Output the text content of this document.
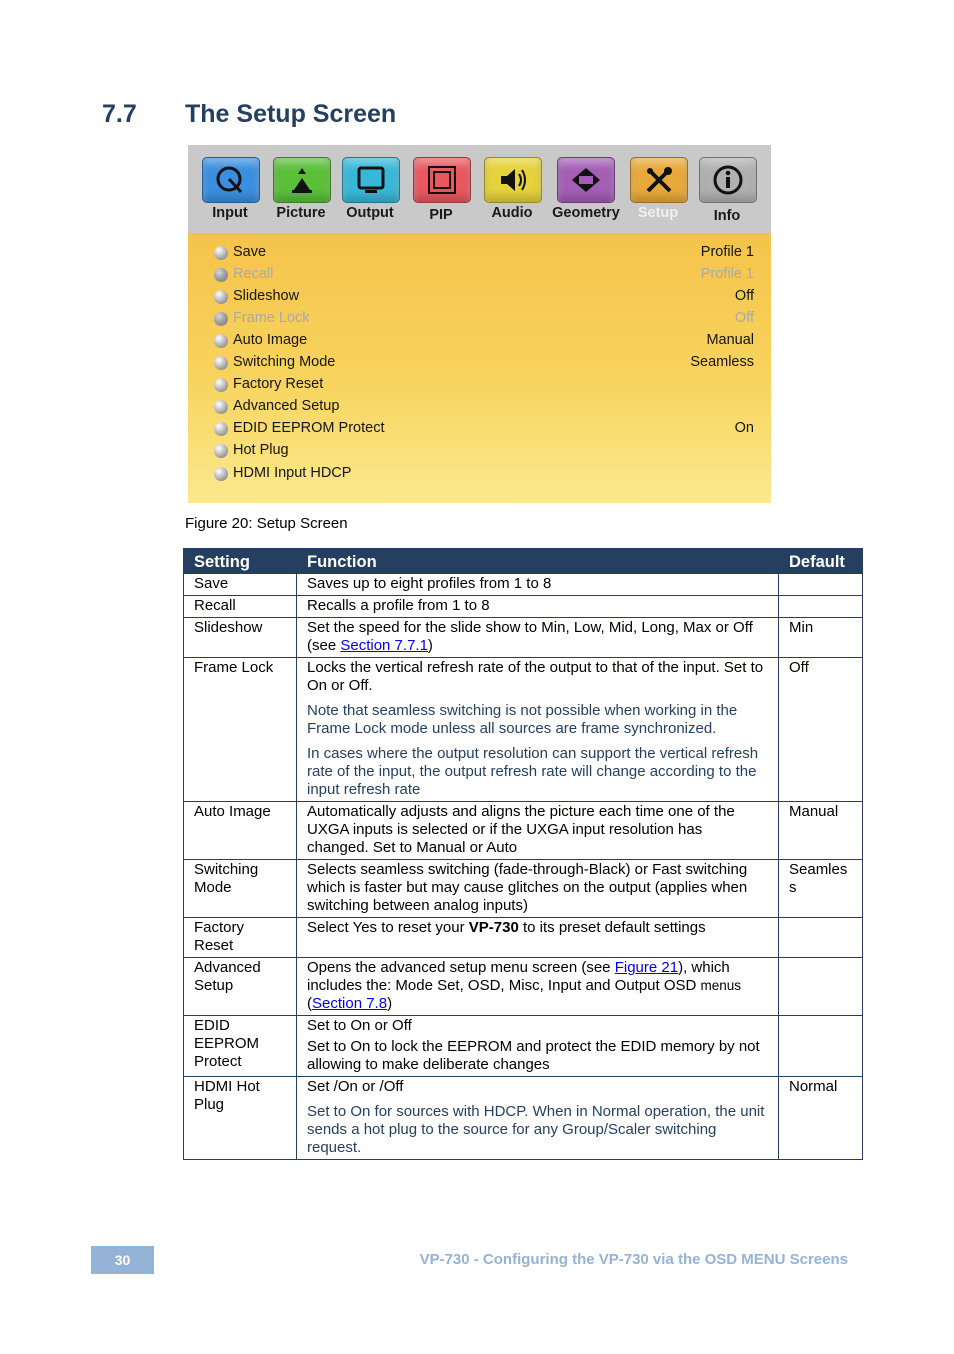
7.7 The Setup Screen
Input	Picture	Output	PIP	Audio	Geometry	Setup	Info
Save	Profile 1
Recall	Profile 1
Slideshow	Off
Frame Lock	Off
Auto Image	Manual
Switching Mode	Seamless
Factory Reset
Advanced Setup
EDID EEPROM Protect	On
Hot Plug
HDMI Input HDCP
Figure 20: Setup Screen
Setting	Function	Default
Save	Saves up to eight profiles from 1 to 8	
Recall	Recalls a profile from 1 to 8	
Slideshow	Set the speed for the slide show to Min, Low, Mid, Long, Max or Off (see Section 7.7.1)	Min
Frame Lock	Locks the vertical refresh rate of the output to that of the input. Set to On or Off.

Note that seamless switching is not possible when working in the Frame Lock mode unless all sources are frame synchronized.

In cases where the output resolution can support the vertical refresh rate of the input, the output refresh rate will change according to the input refresh rate	Off
Auto Image	Automatically adjusts and aligns the picture each time one of the UXGA inputs is selected or if the UXGA input resolution has changed. Set to Manual or Auto	Manual
Switching Mode	Selects seamless switching (fade-through-Black) or Fast switching which is faster but may cause glitches on the output (applies when switching between analog inputs)	Seamless
Factory Reset	Select Yes to reset your VP-730 to its preset default settings	
Advanced Setup	Opens the advanced setup menu screen (see Figure 21), which includes the: Mode Set, OSD, Misc, Input and Output OSD menus (Section 7.8)	
EDID EEPROM Protect	Set to On or Off

Set to On to lock the EEPROM and protect the EDID memory by not allowing to make deliberate changes	

HDMI Hot Plug	Set /On or /Off

Set to On for sources with HDCP. When in Normal operation, the unit sends a hot plug to the source for any Group/Scaler switching request.	Normal
30	VP-730 - Configuring the VP-730 via the OSD MENU Screens
